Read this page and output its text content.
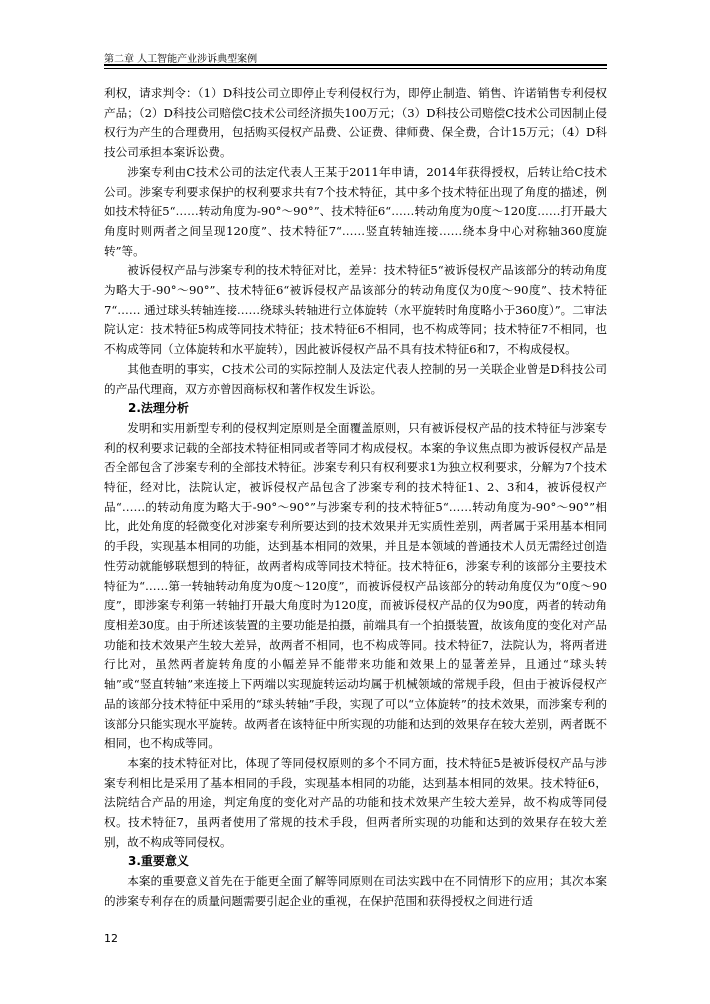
第二章 人工智能产业涉诉典型案例

利权，请求判令：（1）D科技公司立即停止专利侵权行为，即停止制造、销售、许诺销售专利侵权产品；（2）D科技公司赔偿C技术公司经济损失100万元；（3）D科技公司赔偿C技术公司因制止侵权行为产生的合理费用，包括购买侵权产品费、公证费、律师费、保全费，合计15万元；（4）D科技公司承担本案诉讼费。

涉案专利由C技术公司的法定代表人王某于2011年申请，2014年获得授权，后转让给C技术公司。涉案专利要求保护的权利要求共有7个技术特征，其中多个技术特征出现了角度的描述，例如技术特征5“……转动角度为-90°～90°”、技术特征6“……转动角度为0度～120度……打开最大角度时则两者之间呈现120度”、技术特征7“……竖直转轴连接……绕本身中心对称轴360度旋转”等。

被诉侵权产品与涉案专利的技术特征对比，差异：技术特征5“被诉侵权产品该部分的转动角度为略大于-90°～90°”、技术特征6“被诉侵权产品该部分的转动角度仅为0度～90度”、技术特征7“…… 通过球头转轴连接……绕球头转轴进行立体旋转（水平旋转时角度略小于360度）”。二审法院认定：技术特征5构成等同技术特征；技术特征6不相同，也不构成等同；技术特征7不相同，也不构成等同（立体旋转和水平旋转），因此被诉侵权产品不具有技术特征6和7，不构成侵权。

其他查明的事实，C技术公司的实际控制人及法定代表人控制的另一关联企业曾是D科技公司的产品代理商，双方亦曾因商标权和著作权发生诉讼。

2.法理分析

发明和实用新型专利的侵权判定原则是全面覆盖原则，只有被诉侵权产品的技术特征与涉案专利的权利要求记载的全部技术特征相同或者等同才构成侵权。本案的争议焦点即为被诉侵权产品是否全部包含了涉案专利的全部技术特征。涉案专利只有权利要求1为独立权利要求，分解为7个技术特征，经对比，法院认定，被诉侵权产品包含了涉案专利的技术特征1、2、3和4，被诉侵权产品“……的转动角度为略大于-90°～90°”与涉案专利的技术特征5“……转动角度为-90°～90°”相比，此处角度的轻微变化对涉案专利所要达到的技术效果并无实质性差别，两者属于采用基本相同的手段，实现基本相同的功能，达到基本相同的效果，并且是本领域的普通技术人员无需经过创造性劳动就能够联想到的特征，故两者构成等同技术特征。技术特征6，涉案专利的该部分主要技术特征为“……第一转轴转动角度为0度～120度”，而被诉侵权产品该部分的转动角度仅为“0度～90度”，即涉案专利第一转轴打开最大角度时为120度，而被诉侵权产品的仅为90度，两者的转动角度相差30度。由于所述该装置的主要功能是拍摄，前端具有一个拍摄装置，故该角度的变化对产品功能和技术效果产生较大差异，故两者不相同，也不构成等同。技术特征7，法院认为，将两者进行比对，虽然两者旋转角度的小幅差异不能带来功能和效果上的显著差异，且通过“球头转轴”或“竖直转轴”来连接上下两端以实现旋转运动均属于机械领域的常规手段，但由于被诉侵权产品的该部分技术特征中采用的“球头转轴”手段，实现了可以“立体旋转”的技术效果，而涉案专利的该部分只能实现水平旋转。故两者在该特征中所实现的功能和达到的效果存在较大差别，两者既不相同，也不构成等同。

本案的技术特征对比，体现了等同侵权原则的多个不同方面，技术特征5是被诉侵权产品与涉案专利相比是采用了基本相同的手段，实现基本相同的功能，达到基本相同的效果。技术特征6，法院结合产品的用途，判定角度的变化对产品的功能和技术效果产生较大差异，故不构成等同侵权。技术特征7，虽两者使用了常规的技术手段，但两者所实现的功能和达到的效果存在较大差别，故不构成等同侵权。

3.重要意义

本案的重要意义首先在于能更全面了解等同原则在司法实践中在不同情形下的应用；其次本案的涉案专利存在的质量问题需要引起企业的重视，在保护范围和获得授权之间进行适

12
